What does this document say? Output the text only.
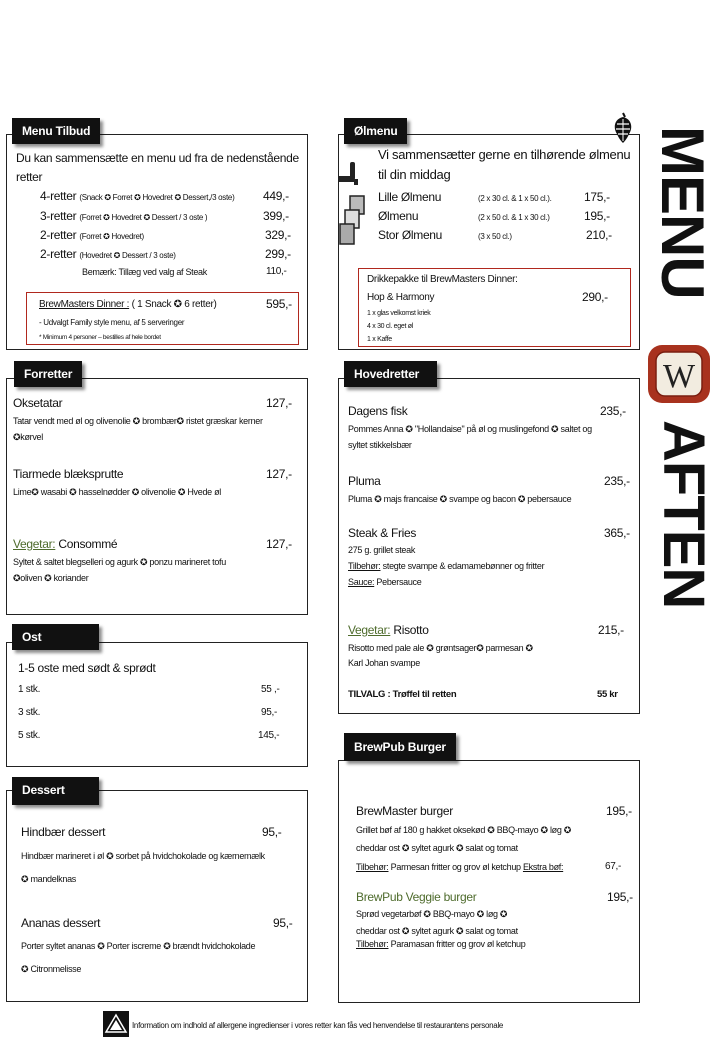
Menu Tilbud
Du kan sammensætte en menu ud fra de nedenstående
retter
4-retter (Snack ✪ Forret ✪ Hovedret ✪ Dessert,/3 oste) 449,-
3-retter (Forret ✪ Hovedret ✪ Dessert / 3 oste )	399,-
2-retter (Forret ✪ Hovedret)	329,-
2-retter (Hovedret ✪ Dessert / 3 oste)	299,-
Bemærk: Tillæg ved valg af Steak	110,-
BrewMasters Dinner : ( 1 Snack ✪ 6 retter)	595,-
- Udvalgt Family style menu, af 5 serveringer
* Minimum 4 personer – bestilles af hele bordet
Ølmenu
Vi sammensætter gerne en tilhørende ølmenu
til din middag
Lille Ølmenu	(2 x 30 cl. & 1 x 50 cl.).	175,-
Ølmenu	(2 x 50 cl. & 1 x 30 cl.)	195,-
Stor Ølmenu	(3 x 50 cl.)	210,-
Drikkepakke til BrewMasters Dinner:
Hop & Harmony	290,-
1 x glas velkomst kriek
4 x 30 cl. eget øl
1 x Kaffe
Forretter
Oksetatar	127,-
Tatar vendt med øl og olivenolie ✪ brombær✪ ristet græskar kerner
✪kørvel
Tiarmede blæksprutte	127,-
Lime✪ wasabi ✪ hasselnødder ✪ olivenolie ✪ Hvede øl
Vegetar: Consommé	127,-
Syltet & saltet blegselleri og agurk ✪ ponzu marineret tofu
✪oliven ✪ koriander
Ost
1-5 oste med sødt & sprødt
1 stk.	55 ,-
3 stk.	95,-
5 stk.	145,-
Dessert
Hindbær dessert	95,-
Hindbær marineret i øl ✪ sorbet på hvidchokolade og kærnemælk
✪ mandelknas
Ananas dessert	95,-
Porter syltet ananas ✪ Porter iscreme ✪ brændt hvidchokolade
✪ Citronmelisse
Hovedretter
Dagens fisk	235,-
Pommes Anna ✪ "Hollandaise" på øl og muslingefond ✪ saltet og
syltet stikkelsbær
Pluma	235,-
Pluma ✪ majs francaise ✪ svampe og bacon ✪ pebersauce
Steak & Fries	365,-
275 g. grillet steak
Tilbehør: stegte svampe & edamamebønner og fritter
Sauce: Pebersauce
Vegetar: Risotto	215,-
Risotto med pale ale ✪ grøntsager✪ parmesan ✪
Karl Johan svampe
TILVALG : Trøffel til retten	55 kr
BrewPub Burger
BrewMaster burger	195,-
Grillet bøf af 180 g hakket oksekød ✪ BBQ-mayo ✪ løg ✪
cheddar ost ✪ syltet agurk ✪ salat og tomat
Tilbehør: Parmesan fritter og grov øl ketchup Ekstra bøf:	67,-
BrewPub Veggie burger	195,-
Sprød vegetarbøf ✪ BBQ-mayo ✪ løg ✪
cheddar ost ✪ syltet agurk ✪ salat og tomat
Tilbehør: Paramasan fritter og grov øl ketchup
MENU
W
AFTEN
Information om indhold af allergene ingredienser i vores retter kan fås ved henvendelse til restaurantens personale
